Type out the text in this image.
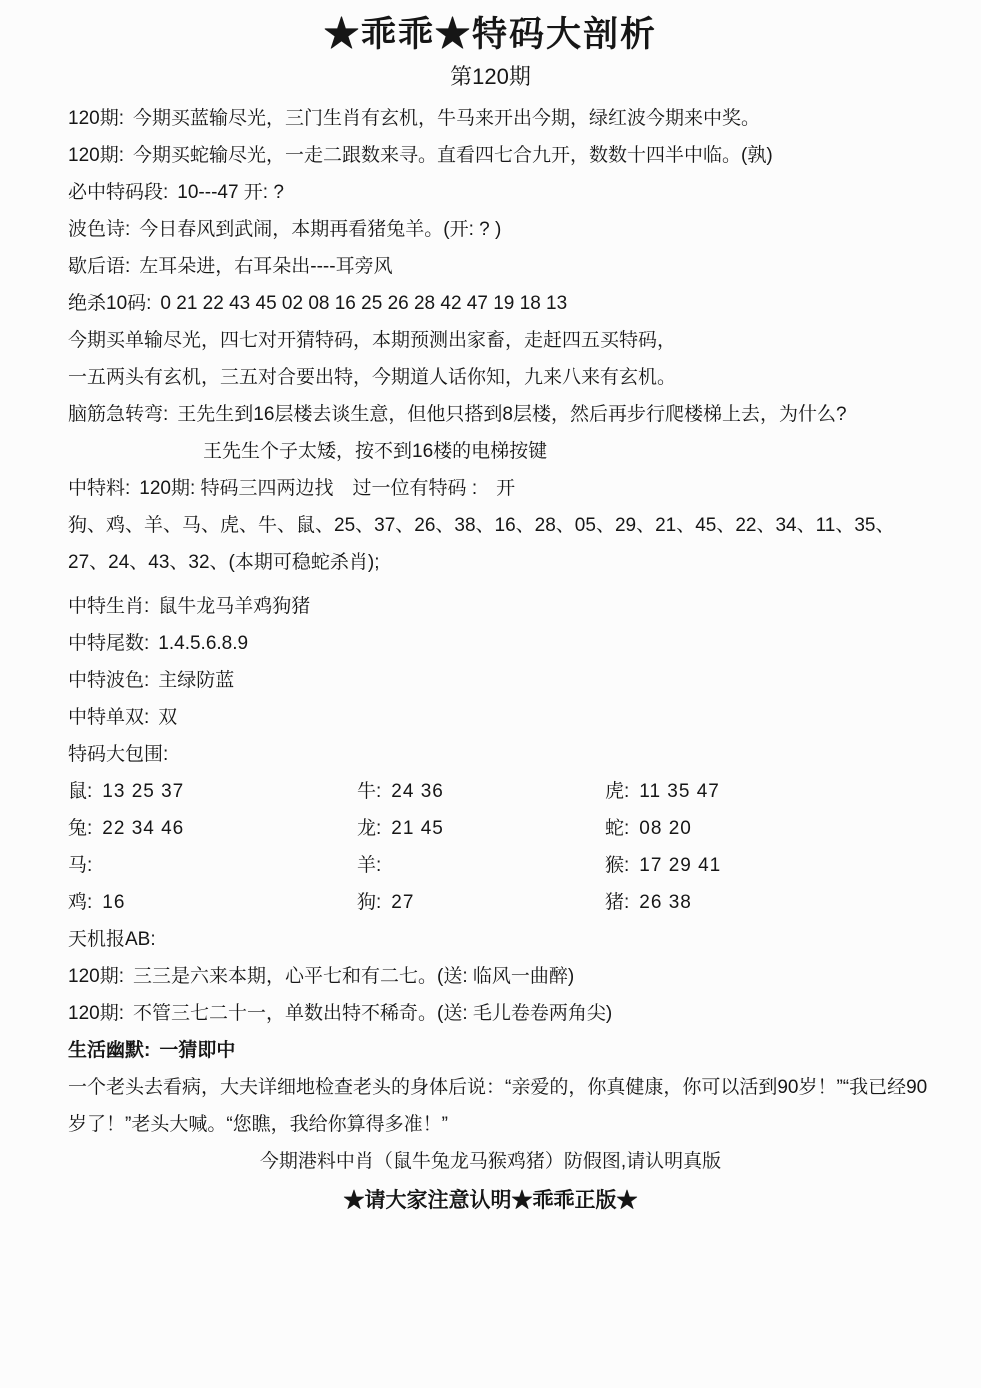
★乖乖★特码大剖析
第120期

120期: 今期买蓝输尽光，三门生肖有玄机，牛马来开出今期，绿红波今期来中奖。

120期: 今期买蛇输尽光，一走二跟数来寻。直看四七合九开，数数十四半中临。(孰)

必中特码段: 10---47 开: ?

波色诗: 今日春风到武闹，本期再看猪兔羊。(开: ? )

歇后语: 左耳朵进，右耳朵出----耳旁风

绝杀10码: 0 21 22 43 45 02 08 16 25 26 28 42 47 19 18 13

今期买单输尽光，四七对开猜特码，本期预测出家畜，走赶四五买特码，

一五两头有玄机，三五对合要出特，今期道人话你知，九来八来有玄机。

脑筋急转弯: 王先生到16层楼去谈生意，但他只搭到8层楼，然后再步行爬楼梯上去，为什么?

王先生个子太矮，按不到16楼的电梯按键

中特料: 120期: 特码三四两边找　过一位有特码 :　开

狗、鸡、羊、马、虎、牛、鼠、25、37、26、38、16、28、05、29、21、45、22、34、11、35、

27、24、43、32、(本期可稳蛇杀肖);

中特生肖: 鼠牛龙马羊鸡狗猪

中特尾数: 1.4.5.6.8.9

中特波色: 主绿防蓝

中特单双: 双

特码大包围:

鼠: 13 25 37	牛: 24 36	虎: 11 35 47
兔: 22 34 46	龙: 21 45	蛇: 08 20
马:	羊:	猴: 17 29 41
鸡: 16	狗: 27	猪: 26 38

天机报AB:

120期: 三三是六来本期，心平七和有二七。(送: 临风一曲醉)

120期: 不管三七二十一，单数出特不稀奇。(送: 毛儿卷卷两角尖)

生活幽默: 一猜即中

一个老头去看病，大夫详细地检查老头的身体后说：“亲爱的，你真健康，你可以活到90岁！”“我已经90岁了！”老头大喊。“您瞧，我给你算得多准！”

今期港料中肖（鼠牛兔龙马猴鸡猪）防假图,请认明真版

★请大家注意认明★乖乖正版★
